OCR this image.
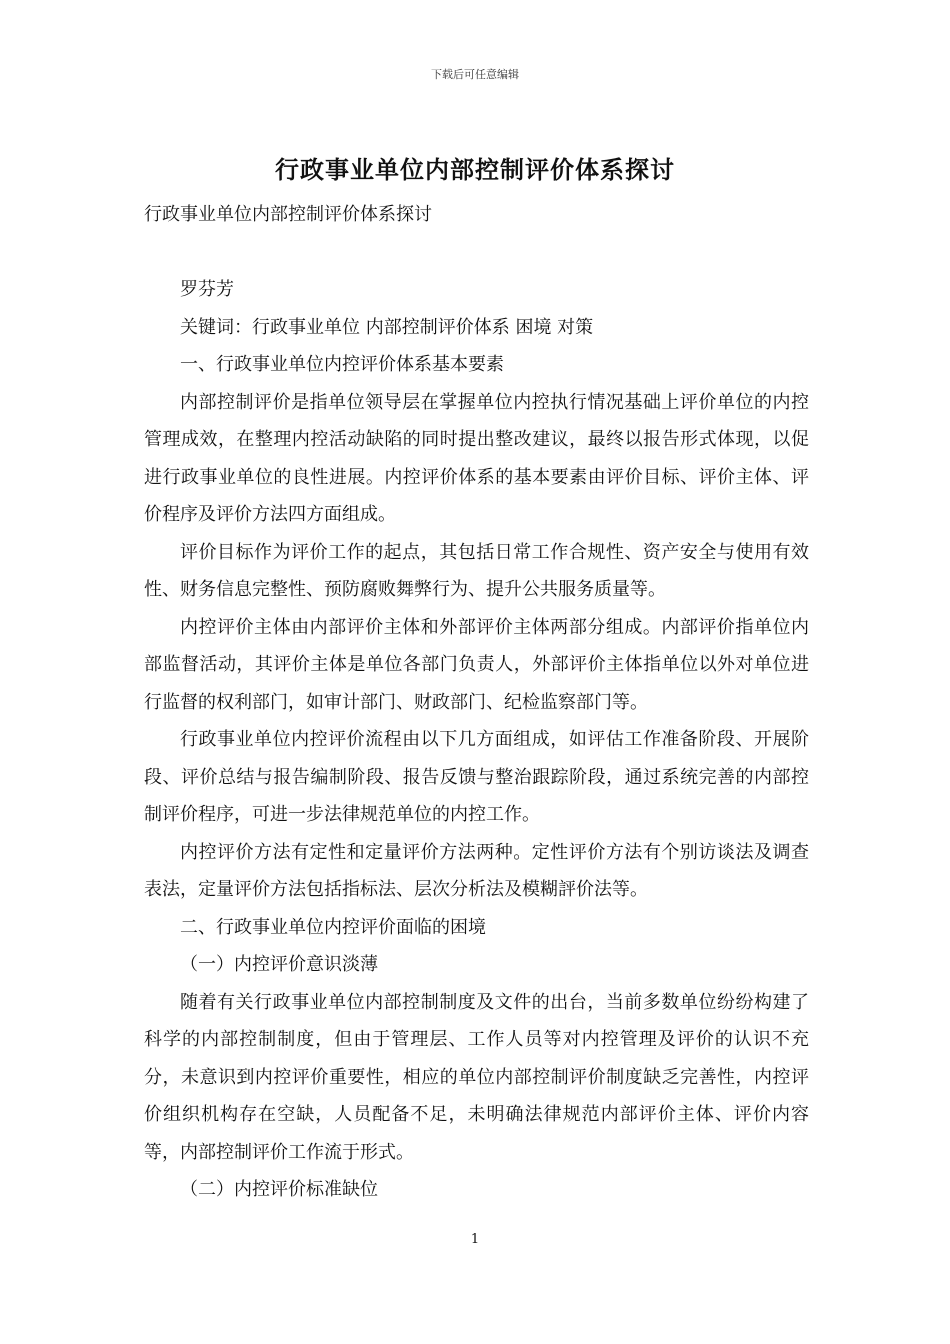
下载后可任意编辑
行政事业单位内部控制评价体系探讨

行政事业单位内部控制评价体系探讨

罗芬芳

关键词：行政事业单位 内部控制评价体系 困境 对策

一、行政事业单位内控评价体系基本要素

内部控制评价是指单位领导层在掌握单位内控执行情况基础上评价单位的内控管理成效，在整理内控活动缺陷的同时提出整改建议，最终以报告形式体现，以促进行政事业单位的良性进展。内控评价体系的基本要素由评价目标、评价主体、评价程序及评价方法四方面组成。

评价目标作为评价工作的起点，其包括日常工作合规性、资产安全与使用有效性、财务信息完整性、预防腐败舞弊行为、提升公共服务质量等。

内控评价主体由内部评价主体和外部评价主体两部分组成。内部评价指单位内部监督活动，其评价主体是单位各部门负责人，外部评价主体指单位以外对单位进行监督的权利部门，如审计部门、财政部门、纪检监察部门等。

行政事业单位内控评价流程由以下几方面组成，如评估工作准备阶段、开展阶段、评价总结与报告编制阶段、报告反馈与整治跟踪阶段，通过系统完善的内部控制评价程序，可进一步法律规范单位的内控工作。

内控评价方法有定性和定量评价方法两种。定性评价方法有个别访谈法及调查表法，定量评价方法包括指标法、层次分析法及模糊評价法等。

二、行政事业单位内控评价面临的困境

（一）内控评价意识淡薄

随着有关行政事业单位内部控制制度及文件的出台，当前多数单位纷纷构建了科学的内部控制制度，但由于管理层、工作人员等对内控管理及评价的认识不充分，未意识到内控评价重要性，相应的单位内部控制评价制度缺乏完善性，内控评价组织机构存在空缺，人员配备不足，未明确法律规范内部评价主体、评价内容等，内部控制评价工作流于形式。

（二）内控评价标准缺位

1
